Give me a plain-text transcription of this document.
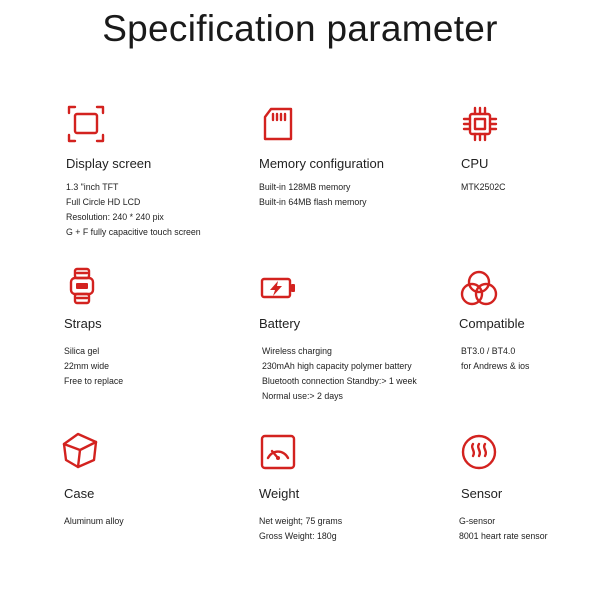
Specification parameter
Display screen
1.3 "inch TFT
Full Circle HD LCD
Resolution: 240 * 240 pix
G + F fully capacitive touch screen
Memory configuration
Built-in 128MB memory
Built-in 64MB flash memory
CPU
MTK2502C
Straps
Silica gel
22mm wide
Free to replace
Battery
Wireless charging
230mAh high capacity polymer battery
Bluetooth connection Standby:> 1 week
Normal use:> 2 days
Compatible
BT3.0 / BT4.0
for Andrews & ios
Case
Aluminum alloy
Weight
Net weight; 75 grams
Gross Weight: 180g
Sensor
G-sensor
8001 heart rate sensor
